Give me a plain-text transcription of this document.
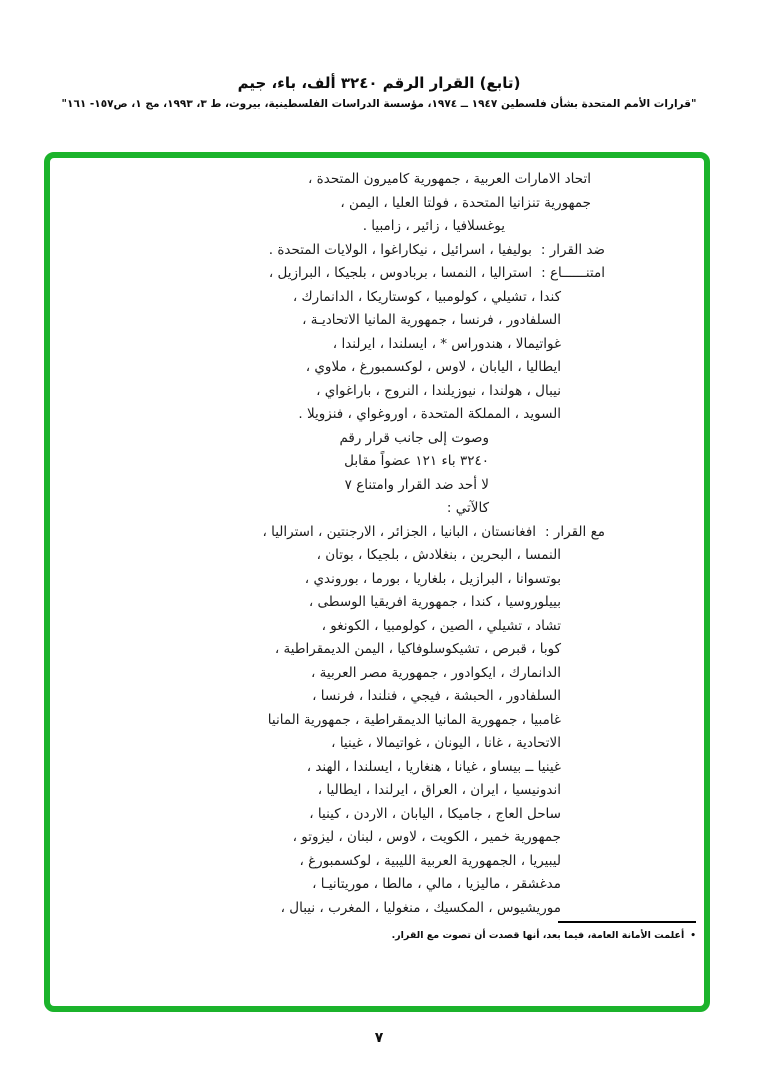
(تابع) القرار الرقم ٣٢٤٠ ألف، باء، جيم
"قرارات الأمم المتحدة بشأن فلسطين ١٩٤٧ ــ ١٩٧٤، مؤسسة الدراسات الفلسطينية، بيروت، ط ٣، ١٩٩٣، مج ١، ص١٥٧- ١٦١"
اتحاد الامارات العربية ، جمهورية كاميرون المتحدة ،
جمهورية تنزانيا المتحدة ، فولتا العليا ، اليمن ،
يوغسلافيا ، زائير ، زامبيا .
ضد القرار :بوليفيا ، اسرائيل ، نيكاراغوا ، الولايات المتحدة .
امتنــــــاع :استراليا ، النمسا ، بربادوس ، بلجيكا ، البرازيل ،
كندا ، تشيلي ، كولومبيا ، كوستاريكا ، الدانمارك ،
السلفادور ، فرنسا ، جمهورية المانيا الاتحاديـة ،
غواتيمالا ، هندوراس * ، ايسلندا ، ايرلندا ،
ايطاليا ، اليابان ، لاوس ، لوكسمبورغ ، ملاوي ،
نيبال ، هولندا ، نيوزيلندا ، النروج ، باراغواي ،
السويد ، المملكة المتحدة ، اوروغواي ، فنزويلا .
وصوت إلى جانب قرار رقم
٣٢٤٠ باء ١٢١ عضواً مقابل
لا أحد ضد القرار وامتناع ٧
كالآتي :
مع القرار :افغانستان ، البانيا ، الجزائر ، الارجنتين ، استراليا ،
النمسا ، البحرين ، بنغلادش ، بلجيكا ، بوتان ،
بوتسوانا ، البرازيل ، بلغاريا ، بورما ، بوروندي ،
بييلوروسيا ، كندا ، جمهورية افريقيا الوسطى ،
تشاد ، تشيلي ، الصين ، كولومبيا ، الكونغو ،
كوبا ، قبرص ، تشيكوسلوفاكيا ، اليمن الديمقراطية ،
الدانمارك ، ايكوادور ، جمهورية مصر العربية ،
السلفادور ، الحبشة ، فيجي ، فنلندا ، فرنسا ،
غامبيا ، جمهورية المانيا الديمقراطية ، جمهورية المانيا
الاتحادية ، غانا ، اليونان ، غواتيمالا ، غينيا ،
غينيا ــ بيساو ، غيانا ، هنغاريا ، ايسلندا ، الهند ،
اندونيسيا ، ايران ، العراق ، ايرلندا ، ايطاليا ،
ساحل العاج ، جاميكا ، اليابان ، الاردن ، كينيا ،
جمهورية خمير ، الكويت ، لاوس ، لبنان ، ليزوتو ،
ليبيريا ، الجمهورية العربية الليبية ، لوكسمبورغ ،
مدغشقر ، ماليزيا ، مالي ، مالطا ، موريتانيـا ،
موريشيوس ، المكسيك ، منغوليا ، المغرب ، نيبال ،
•أعلمت الأمانة العامة، فيما بعد، أنها قصدت أن تصوت مع القرار.
٧
